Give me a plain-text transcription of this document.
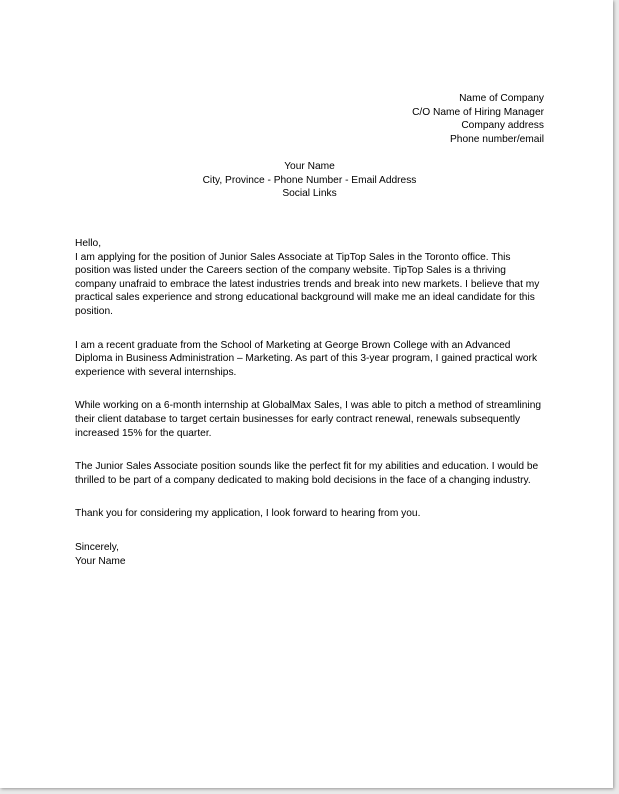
Name of Company
C/O Name of Hiring Manager
Company address
Phone number/email
Your Name
City, Province - Phone Number - Email Address
Social Links

Hello,

I am applying for the position of Junior Sales Associate at TipTop Sales in the Toronto office. This
position was listed under the Careers section of the company website. TipTop Sales is a thriving
company unafraid to embrace the latest industries trends and break into new markets. I believe that my
practical sales experience and strong educational background will make me an ideal candidate for this
position.

I am a recent graduate from the School of Marketing at George Brown College with an Advanced
Diploma in Business Administration – Marketing. As part of this 3-year program, I gained practical work
experience with several internships.

While working on a 6-month internship at GlobalMax Sales, I was able to pitch a method of streamlining
their client database to target certain businesses for early contract renewal, renewals subsequently
increased 15% for the quarter.

The Junior Sales Associate position sounds like the perfect fit for my abilities and education. I would be
thrilled to be part of a company dedicated to making bold decisions in the face of a changing industry.

Thank you for considering my application, I look forward to hearing from you.

Sincerely,
Your Name
